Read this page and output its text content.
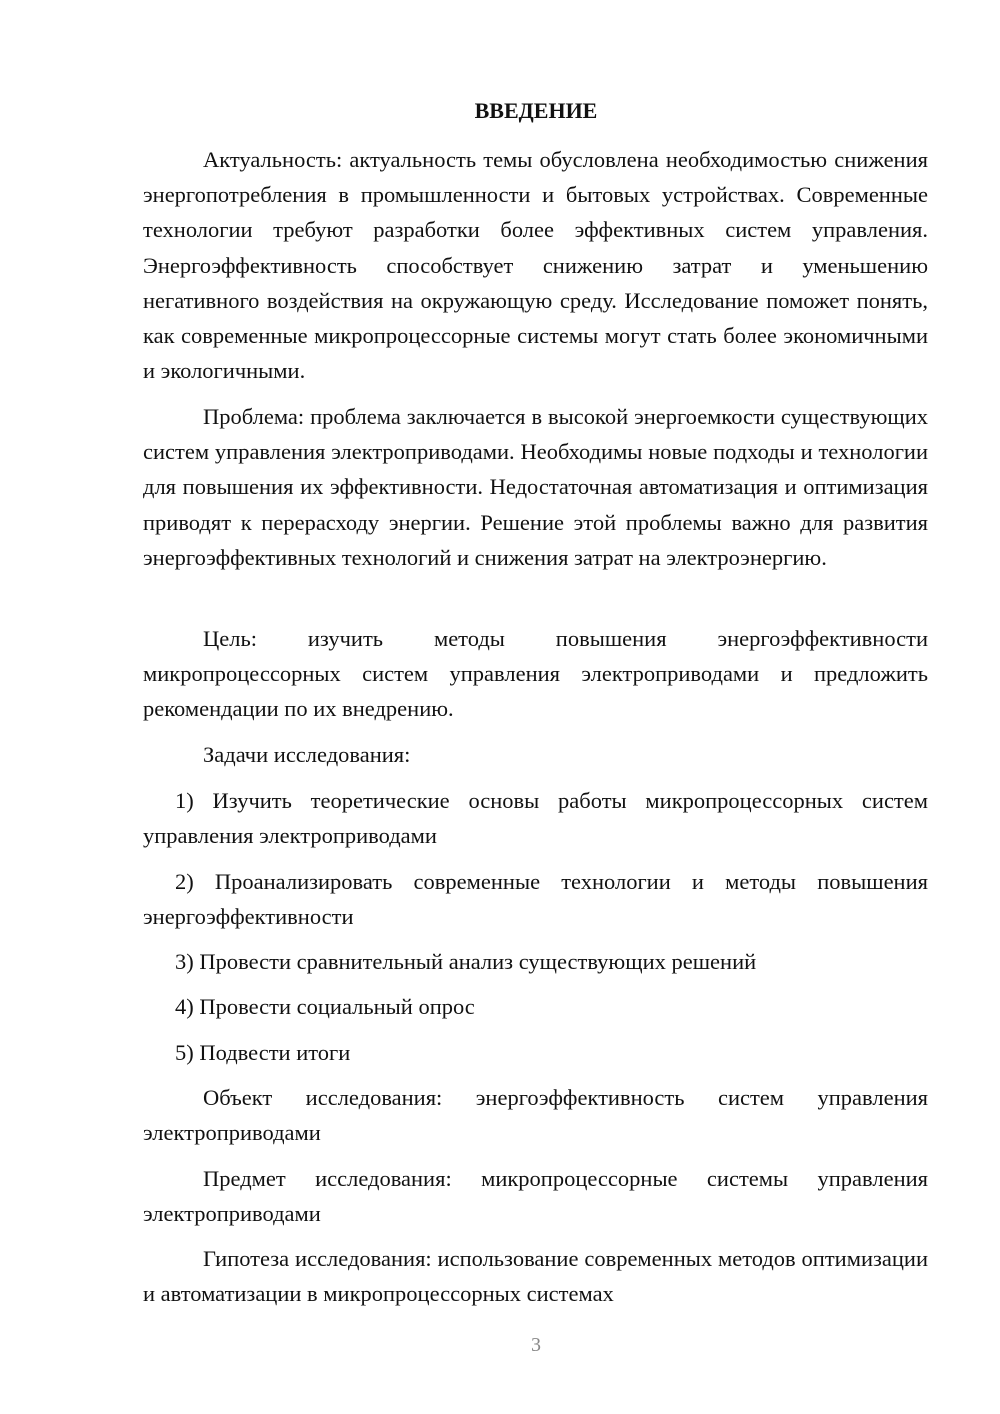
ВВЕДЕНИЕ

Актуальность: актуальность темы обусловлена необходимостью снижения энергопотребления в промышленности и бытовых устройствах. Современные технологии требуют разработки более эффективных систем управления. Энергоэффективность способствует снижению затрат и уменьшению негативного воздействия на окружающую среду. Исследование поможет понять, как современные микропроцессорные системы могут стать более экономичными и экологичными.

Проблема: проблема заключается в высокой энергоемкости существующих систем управления электроприводами. Необходимы новые подходы и технологии для повышения их эффективности. Недостаточная автоматизация и оптимизация приводят к перерасходу энергии. Решение этой проблемы важно для развития энергоэффективных технологий и снижения затрат на электроэнергию.

Цель: изучить методы повышения энергоэффективности микропроцессорных систем управления электроприводами и предложить рекомендации по их внедрению.

Задачи исследования:

1) Изучить теоретические основы работы микропроцессорных систем управления электроприводами

2) Проанализировать современные технологии и методы повышения энергоэффективности

3) Провести сравнительный анализ существующих решений

4) Провести социальный опрос

5) Подвести итоги

Объект исследования: энергоэффективность систем управления электроприводами

Предмет исследования: микропроцессорные системы управления электроприводами

Гипотеза исследования: использование современных методов оптимизации и автоматизации в микропроцессорных системах

3
